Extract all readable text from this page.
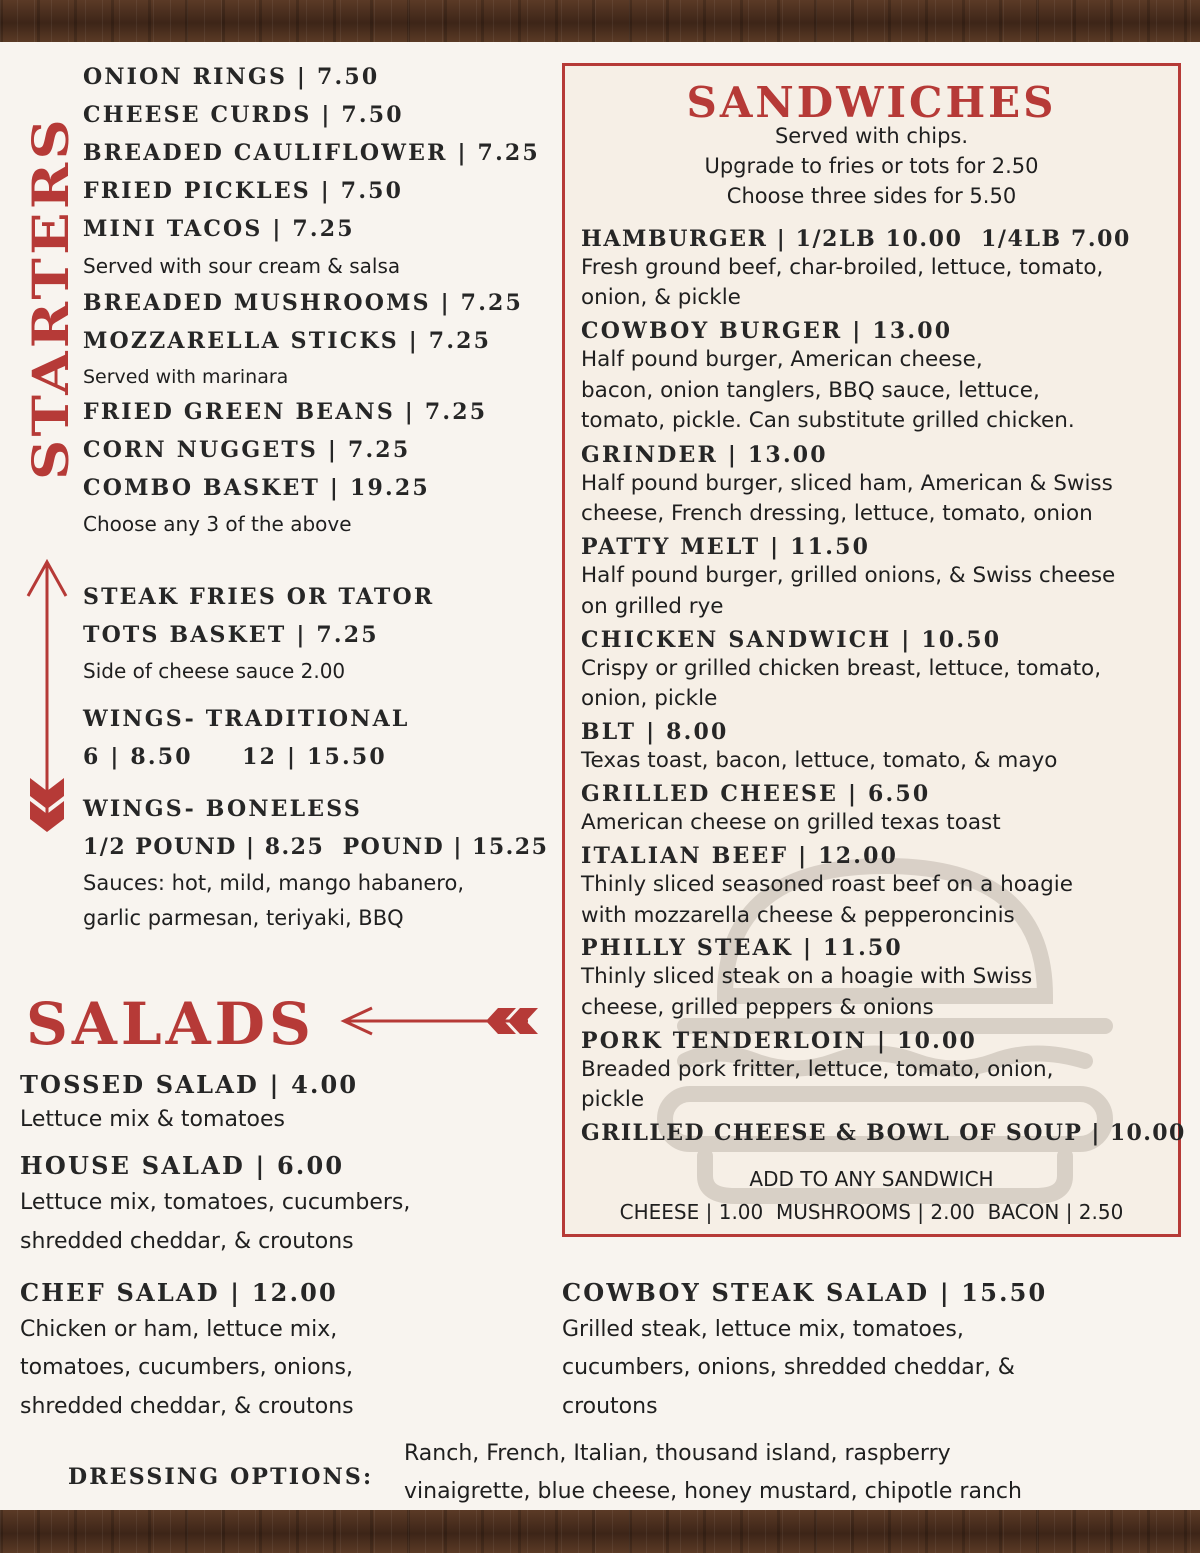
STARTERS
ONION RINGS | 7.50
CHEESE CURDS | 7.50
BREADED CAULIFLOWER | 7.25
FRIED PICKLES | 7.50
MINI TACOS | 7.25
Served with sour cream & salsa
BREADED MUSHROOMS | 7.25
MOZZARELLA STICKS | 7.25
Served with marinara
FRIED GREEN BEANS | 7.25
CORN NUGGETS | 7.25
COMBO BASKET | 19.25
Choose any 3 of the above
STEAK FRIES OR TATOR
TOTS BASKET | 7.25
Side of cheese sauce 2.00
WINGS- TRADITIONAL
6 | 8.50     12 | 15.50
WINGS- BONELESS
1/2 POUND | 8.25  POUND | 15.25
Sauces: hot, mild, mango habanero,
garlic parmesan, teriyaki, BBQ
SANDWICHES
Served with chips.
Upgrade to fries or tots for 2.50
Choose three sides for 5.50
HAMBURGER | 1/2LB 10.00  1/4LB 7.00
Fresh ground beef, char-broiled, lettuce, tomato,
onion, & pickle
COWBOY BURGER | 13.00
Half pound burger, American cheese,
bacon, onion tanglers, BBQ sauce, lettuce,
tomato, pickle. Can substitute grilled chicken.
GRINDER | 13.00
Half pound burger, sliced ham, American & Swiss
cheese, French dressing, lettuce, tomato, onion
PATTY MELT | 11.50
Half pound burger, grilled onions, & Swiss cheese
on grilled rye
CHICKEN SANDWICH | 10.50
Crispy or grilled chicken breast, lettuce, tomato,
onion, pickle
BLT | 8.00
Texas toast, bacon, lettuce, tomato, & mayo
GRILLED CHEESE | 6.50
American cheese on grilled texas toast
ITALIAN BEEF | 12.00
Thinly sliced seasoned roast beef on a hoagie
with mozzarella cheese & pepperoncinis
PHILLY STEAK | 11.50
Thinly sliced steak on a hoagie with Swiss
cheese, grilled peppers & onions
PORK TENDERLOIN | 10.00
Breaded pork fritter, lettuce, tomato, onion,
pickle
GRILLED CHEESE & BOWL OF SOUP | 10.00
ADD TO ANY SANDWICH
CHEESE | 1.00  MUSHROOMS | 2.00  BACON | 2.50
SALADS
TOSSED SALAD | 4.00
Lettuce mix & tomatoes
HOUSE SALAD | 6.00
Lettuce mix, tomatoes, cucumbers,
shredded cheddar, & croutons
CHEF SALAD | 12.00
Chicken or ham, lettuce mix,
tomatoes, cucumbers, onions,
shredded cheddar, & croutons
COWBOY STEAK SALAD | 15.50
Grilled steak, lettuce mix, tomatoes,
cucumbers, onions, shredded cheddar, &
croutons
DRESSING OPTIONS:
Ranch, French, Italian, thousand island, raspberry
vinaigrette, blue cheese, honey mustard, chipotle ranch
